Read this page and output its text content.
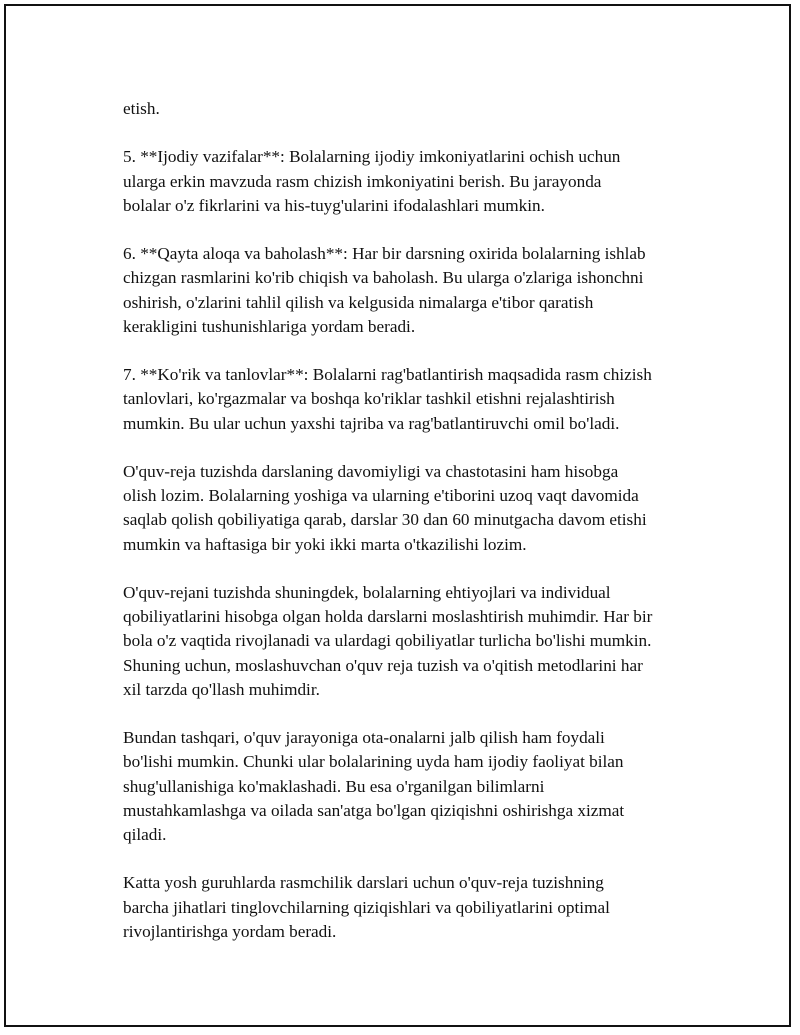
etish.

5. **Ijodiy vazifalar**: Bolalarning ijodiy imkoniyatlarini ochish uchun
ularga erkin mavzuda rasm chizish imkoniyatini berish. Bu jarayonda
bolalar o'z fikrlarini va his-tuyg'ularini ifodalashlari mumkin.

6. **Qayta aloqa va baholash**: Har bir darsning oxirida bolalarning ishlab
chizgan rasmlarini ko'rib chiqish va baholash. Bu ularga o'zlariga ishonchni
oshirish, o'zlarini tahlil qilish va kelgusida nimalarga e'tibor qaratish
kerakligini tushunishlariga yordam beradi.

7. **Ko'rik va tanlovlar**: Bolalarni rag'batlantirish maqsadida rasm chizish
tanlovlari, ko'rgazmalar va boshqa ko'riklar tashkil etishni rejalashtirish
mumkin. Bu ular uchun yaxshi tajriba va rag'batlantiruvchi omil bo'ladi.

O'quv-reja tuzishda darslaning davomiyligi va chastotasini ham hisobga
olish lozim. Bolalarning yoshiga va ularning e'tiborini uzoq vaqt davomida
saqlab qolish qobiliyatiga qarab, darslar 30 dan 60 minutgacha davom etishi
mumkin va haftasiga bir yoki ikki marta o'tkazilishi lozim.

O'quv-rejani tuzishda shuningdek, bolalarning ehtiyojlari va individual
qobiliyatlarini hisobga olgan holda darslarni moslashtirish muhimdir. Har bir
bola o'z vaqtida rivojlanadi va ulardagi qobiliyatlar turlicha bo'lishi mumkin.
Shuning uchun, moslashuvchan o'quv reja tuzish va o'qitish metodlarini har
xil tarzda qo'llash muhimdir.

Bundan tashqari, o'quv jarayoniga ota-onalarni jalb qilish ham foydali
bo'lishi mumkin. Chunki ular bolalarining uyda ham ijodiy faoliyat bilan
shug'ullanishiga ko'maklashadi. Bu esa o'rganilgan bilimlarni
mustahkamlashga va oilada san'atga bo'lgan qiziqishni oshirishga xizmat
qiladi.

Katta yosh guruhlarda rasmchilik darslari uchun o'quv-reja tuzishning
barcha jihatlari tinglovchilarning qiziqishlari va qobiliyatlarini optimal
rivojlantirishga yordam beradi.
